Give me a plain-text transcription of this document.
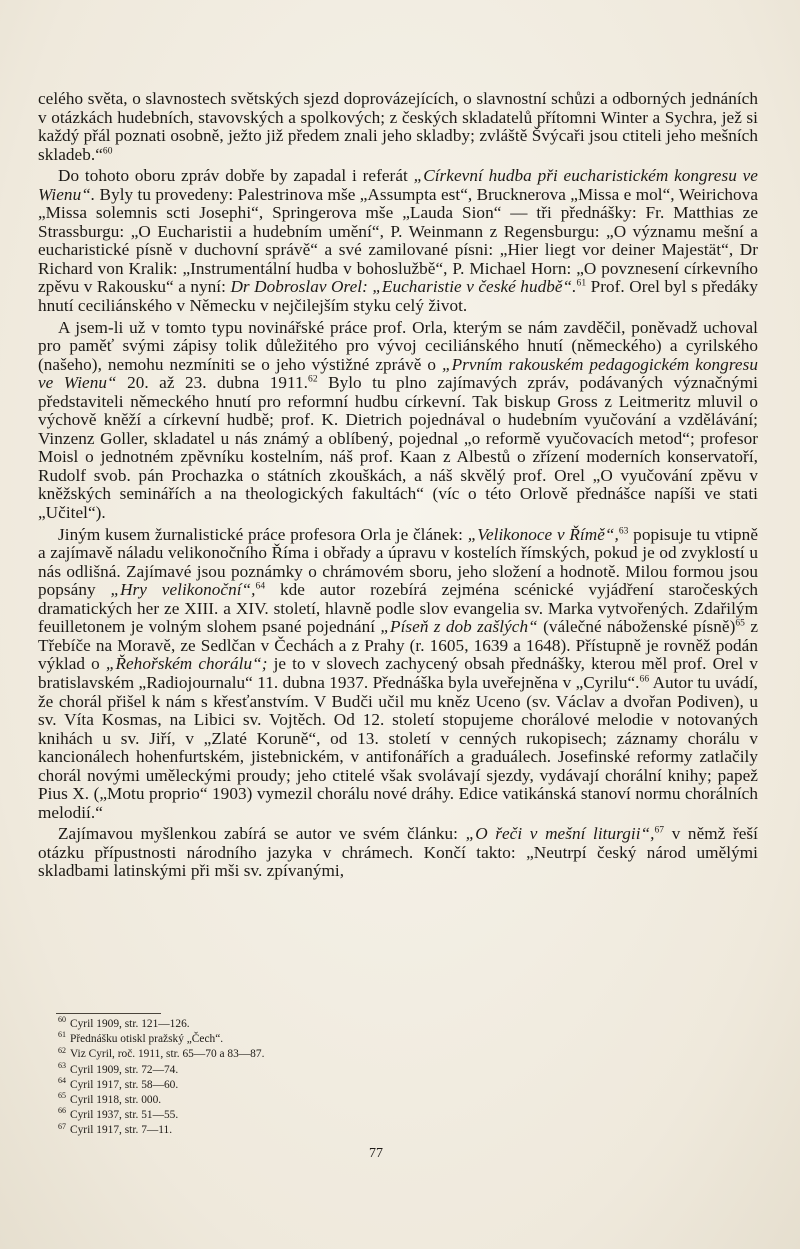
celého světa, o slavnostech světských sjezd doprovázejících, o slavnostní schůzi a odborných jednáních v otázkách hudebních, stavovských a spolkových; z českých skladatelů přítomni Winter a Sychra, jež si každý přál poznati osobně, ježto již předem znali jeho skladby; zvláště Švýcaři jsou ctiteli jeho mešních skladeb.“$^{60}$

Do tohoto oboru zpráv dobře by zapadal i referát „Církevní hudba při eucharistickém kongresu ve Wienu“. Byly tu provedeny: Palestrinova mše „Assumpta est“, Brucknerova „Missa e mol“, Weirichova „Missa solemnis scti Josephi“, Springerova mše „Lauda Sion“ — tři přednášky: Fr. Matthias ze Strassburgu: „O Eucharistii a hudebním umění“, P. Weinmann z Regensburgu: „O významu mešní a eucharistické písně v duchovní správě“ a své zamilované písni: „Hier liegt vor deiner Majestät“, Dr Richard von Kralik: „Instrumentální hudba v bohoslužbě“, P. Michael Horn: „O povznesení církevního zpěvu v Rakousku“ a nyní: Dr Dobroslav Orel: „Eucharistie v české hudbě“.$^{61}$ Prof. Orel byl s předáky hnutí ceciliánského v Německu v nejčilejším styku celý život.

A jsem-li už v tomto typu novinářské práce prof. Orla, kterým se nám zavděčil, poněvadž uchoval pro paměť svými zápisy tolik důležitého pro vývoj ceciliánského hnutí (německého) a cyrilského (našeho), nemohu nezmíniti se o jeho výstižné zprávě o „Prvním rakouském pedagogickém kongresu ve Wienu“ 20. až 23. dubna 1911.62 Bylo tu plno zajímavých zpráv, podávaných význačnými představiteli německého hnutí pro reformní hudbu církevní. Tak biskup Gross z Leitmeritz mluvil o výchově kněží a církevní hudbě; prof. K. Dietrich pojednával o hudebním vyučování a vzdělávání; Vinzenz Goller, skladatel u nás známý a oblíbený, pojednal „o reformě vyučovacích metod“; profesor Moisl o jednotném zpěvníku kostelním, náš prof. Kaan z Albestů o zřízení moderních konservatoří, Rudolf svob. pán Prochazka o státních zkouškách, a náš skvělý prof. Orel „O vyučování zpěvu v kněžských seminářích a na theologických fakultách“ (víc o této Orlově přednášce napíši ve stati „Učitel“).

Jiným kusem žurnalistické práce profesora Orla je článek: „Velikonoce v Římě“,$^{63}$ popisuje tu vtipně a zajímavě náladu velikonočního Říma i obřady a úpravu v kostelích římských, pokud je od zvyklostí u nás odlišná. Zajímavé jsou poznámky o chrámovém sboru, jeho složení a hodnotě. Milou formou jsou popsány „Hry velikonoční“,$^{64}$ kde autor rozebírá zejména scénické vyjádření staročeských dramatických her ze XIII. a XIV. století, hlavně podle slov evangelia sv. Marka vytvořených. Zdařilým feuilletonem je volným slohem psané pojednání „Píseň z dob zašlých“ (válečné náboženské písně)$^{65}$ z Třebíče na Moravě, ze Sedlčan v Čechách a z Prahy (r. 1605, 1639 a 1648). Přístupně je rovněž podán výklad o „Řehořském chorálu“; je to v slovech zachycený obsah přednášky, kterou měl prof. Orel v bratislavském „Radiojournalu“ 11. dubna 1937. Přednáška byla uveřejněna v „Cyrilu“.$^{66}$ Autor tu uvádí, že chorál přišel k nám s křesťanstvím. V Budči učil mu kněz Uceno (sv. Václav a dvořan Podiven), u sv. Víta Kosmas, na Libici sv. Vojtěch. Od 12. století stopujeme chorálové melodie v notovaných knihách u sv. Jiří, v „Zlaté Koruně“, od 13. století v cenných rukopisech; záznamy chorálu v kancionálech hohenfurtském, jistebnickém, v antifonářích a graduálech. Josefinské reformy zatlačily chorál novými uměleckými proudy; jeho ctitelé však svolávají sjezdy, vydávají chorální knihy; papež Pius X. („Motu proprio“ 1903) vymezil chorálu nové dráhy. Edice vatikánská stanoví normu chorálních melodií.“

Zajímavou myšlenkou zabírá se autor ve svém článku: „O řeči v mešní liturgii“,$^{67}$ v němž řeší otázku přípustnosti národního jazyka v chrámech. Končí takto: „Neutrpí český národ umělými skladbami latinskými při mši sv. zpívanými,

$^{60}$ Cyril 1909, str. 121—126.

$^{61}$ Přednášku otiskl pražský „Čech“.

$^{62}$ Viz Cyril, roč. 1911, str. 65—70 a 83—87.

$^{63}$ Cyril 1909, str. 72—74.

$^{64}$ Cyril 1917, str. 58—60.

$^{65}$ Cyril 1918, str. 000.

$^{66}$ Cyril 1937, str. 51—55.

$^{67}$ Cyril 1917, str. 7—11.

77
